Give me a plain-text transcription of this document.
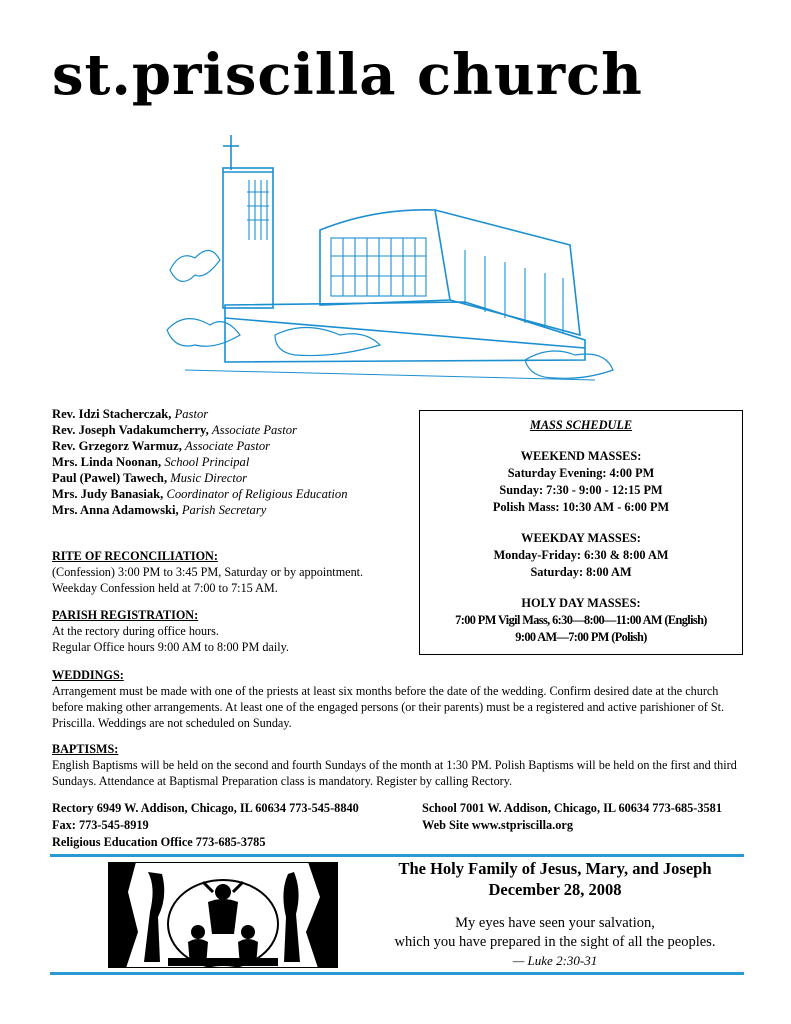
st.priscilla church
Rev. Idzi Stacherczak, Pastor
Rev. Joseph Vadakumcherry, Associate Pastor
Rev. Grzegorz Warmuz, Associate Pastor
Mrs. Linda Noonan, School Principal
Paul (Pawel) Tawech, Music Director
Mrs. Judy Banasiak, Coordinator of Religious Education
Mrs. Anna Adamowski, Parish Secretary
RITE OF RECONCILIATION:
(Confession) 3:00 PM to 3:45 PM, Saturday or by appointment.
Weekday Confession held at 7:00 to 7:15 AM.
PARISH REGISTRATION:
At the rectory during office hours.
Regular Office hours 9:00 AM to 8:00 PM daily.
WEDDINGS:
Arrangement must be made with one of the priests at least six months before the date of the wedding. Confirm desired date at the church before making other arrangements. At least one of the engaged persons (or their parents) must be a registered and active parishioner of St. Priscilla. Weddings are not scheduled on Sunday.
BAPTISMS:
English Baptisms will be held on the second and fourth Sundays of the month at 1:30 PM. Polish Baptisms will be held on the first and third Sundays. Attendance at Baptismal Preparation class is mandatory. Register by calling Rectory.
MASS SCHEDULE
WEEKEND MASSES:
Saturday Evening: 4:00 PM
Sunday: 7:30 - 9:00 - 12:15 PM
Polish Mass: 10:30 AM - 6:00 PM
WEEKDAY MASSES:
Monday-Friday: 6:30 & 8:00 AM
Saturday: 8:00 AM
HOLY DAY MASSES:
7:00 PM Vigil Mass, 6:30—8:00—11:00 AM (English)
9:00 AM—7:00 PM (Polish)
Rectory 6949 W. Addison, Chicago, IL 60634 773-545-8840
Fax: 773-545-8919
Religious Education Office 773-685-3785
School 7001 W. Addison, Chicago, IL 60634 773-685-3581
Web Site www.stpriscilla.org
The Holy Family of Jesus, Mary, and Joseph
December 28, 2008
My eyes have seen your salvation,
which you have prepared in the sight of all the peoples.
— Luke 2:30-31
